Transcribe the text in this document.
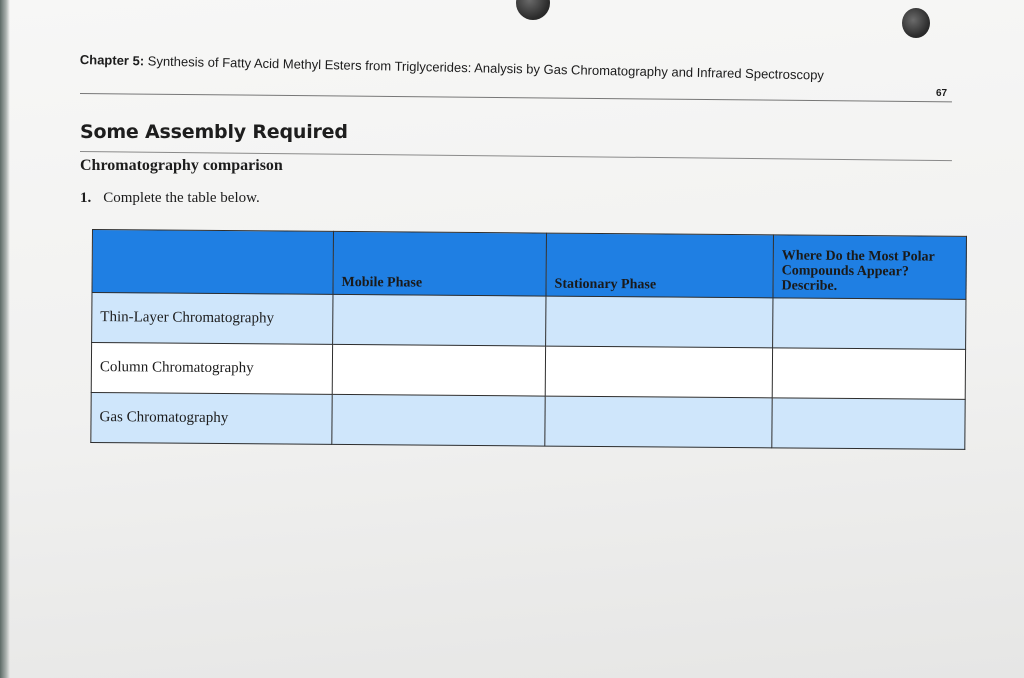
Chapter 5: Synthesis of Fatty Acid Methyl Esters from Triglycerides: Analysis by Gas Chromatography and Infrared Spectroscopy
67
Some Assembly Required
Chromatography comparison
1. Complete the table below.
	Mobile Phase	Stationary Phase	Where Do the Most Polar
Compounds Appear?
Describe.
Thin-Layer Chromatography			
Column Chromatography			
Gas Chromatography			
